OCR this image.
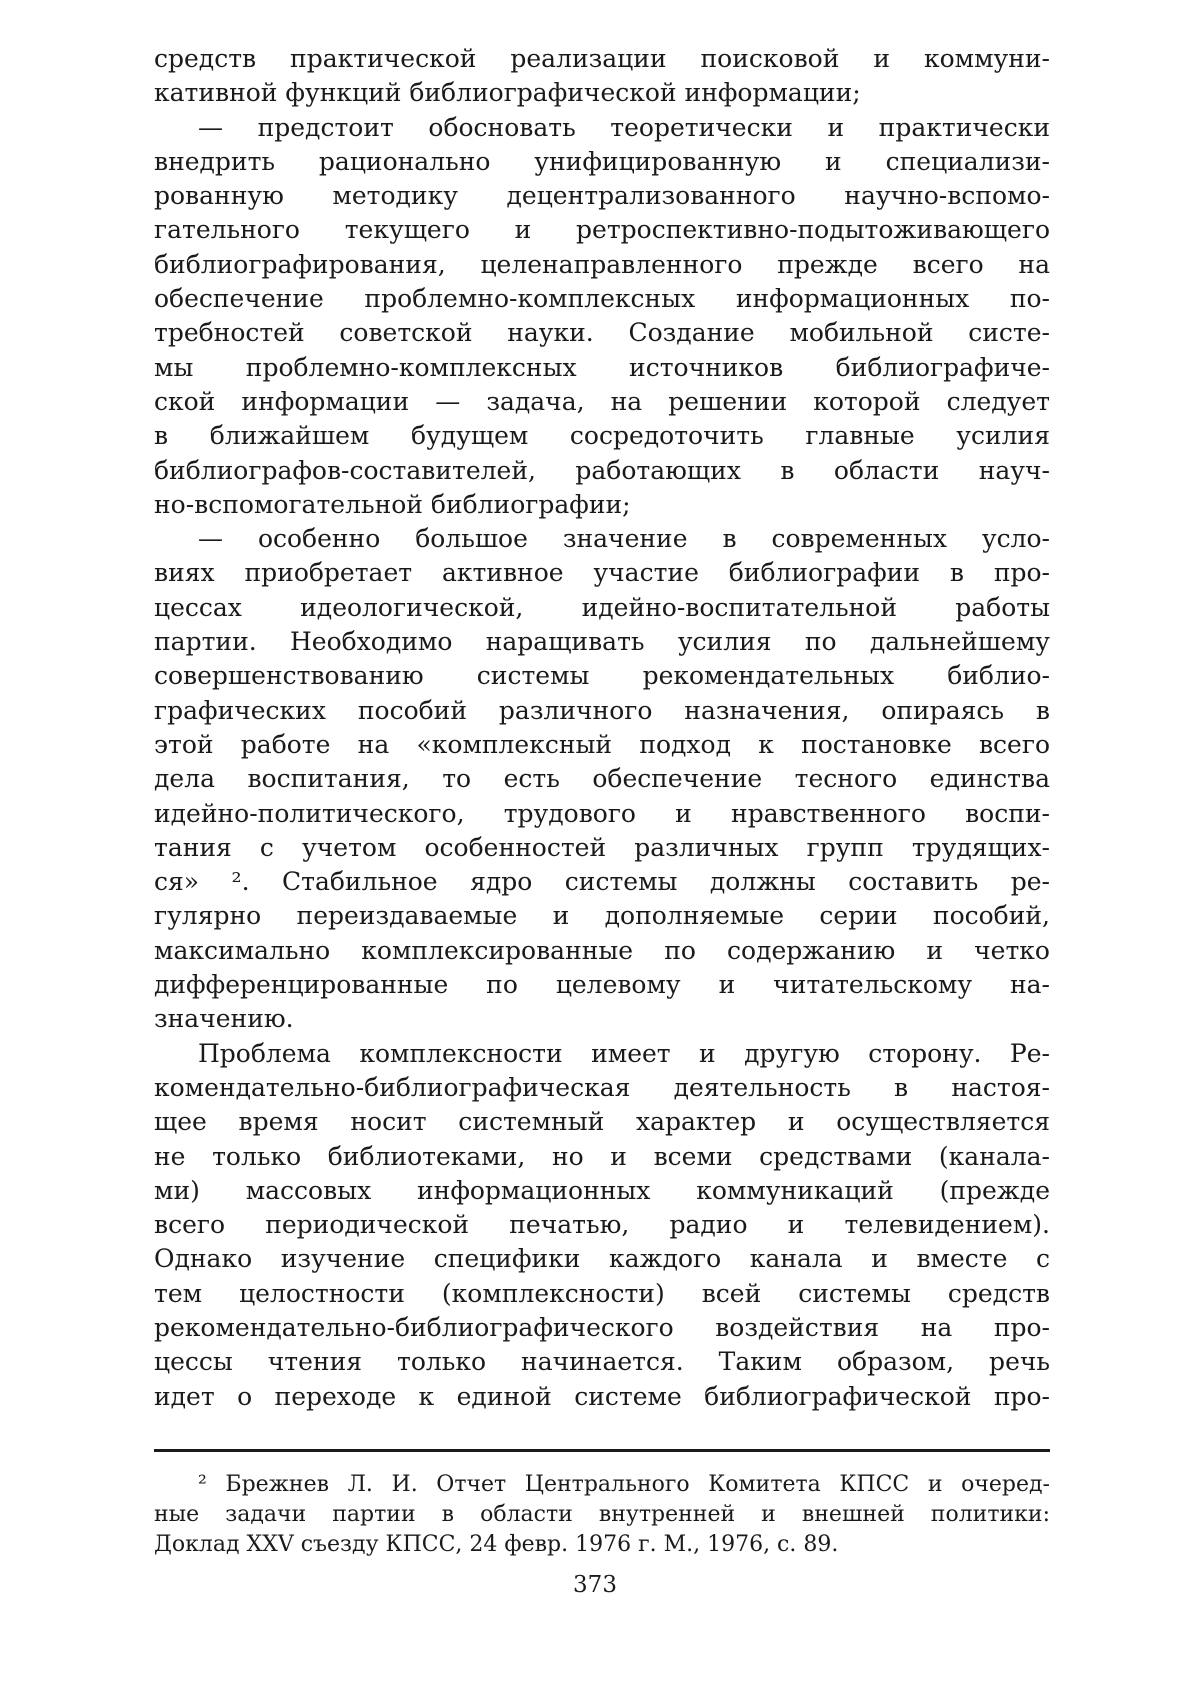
средств практической реализации поисковой и коммуни-
кативной функций библиографической информации;
— предстоит обосновать теоретически и практически
внедрить рационально унифицированную и специализи-
рованную методику децентрализованного научно-вспомо-
гательного текущего и ретроспективно-подытоживающего
библиографирования, целенаправленного прежде всего на
обеспечение проблемно-комплексных информационных по-
требностей советской науки. Создание мобильной систе-
мы проблемно-комплексных источников библиографиче-
ской информации — задача, на решении которой следует
в ближайшем будущем сосредоточить главные усилия
библиографов-составителей, работающих в области науч-
но-вспомогательной библиографии;
— особенно большое значение в современных усло-
виях приобретает активное участие библиографии в про-
цессах идеологической, идейно-воспитательной работы
партии. Необходимо наращивать усилия по дальнейшему
совершенствованию системы рекомендательных библио-
графических пособий различного назначения, опираясь в
этой работе на «комплексный подход к постановке всего
дела воспитания, то есть обеспечение тесного единства
идейно-политического, трудового и нравственного воспи-
тания с учетом особенностей различных групп трудящих-
ся» ². Стабильное ядро системы должны составить ре-
гулярно переиздаваемые и дополняемые серии пособий,
максимально комплексированные по содержанию и четко
дифференцированные по целевому и читательскому на-
значению.
Проблема комплексности имеет и другую сторону. Ре-
комендательно-библиографическая деятельность в настоя-
щее время носит системный характер и осуществляется
не только библиотеками, но и всеми средствами (канала-
ми) массовых информационных коммуникаций (прежде
всего периодической печатью, радио и телевидением).
Однако изучение специфики каждого канала и вместе с
тем целостности (комплексности) всей системы средств
рекомендательно-библиографического воздействия на про-
цессы чтения только начинается. Таким образом, речь
идет о переходе к единой системе библиографической про-
² Брежнев Л. И. Отчет Центрального Комитета КПСС и очеред-
ные задачи партии в области внутренней и внешней политики:
Доклад XXV съезду КПСС, 24 февр. 1976 г. М., 1976, с. 89.
373
